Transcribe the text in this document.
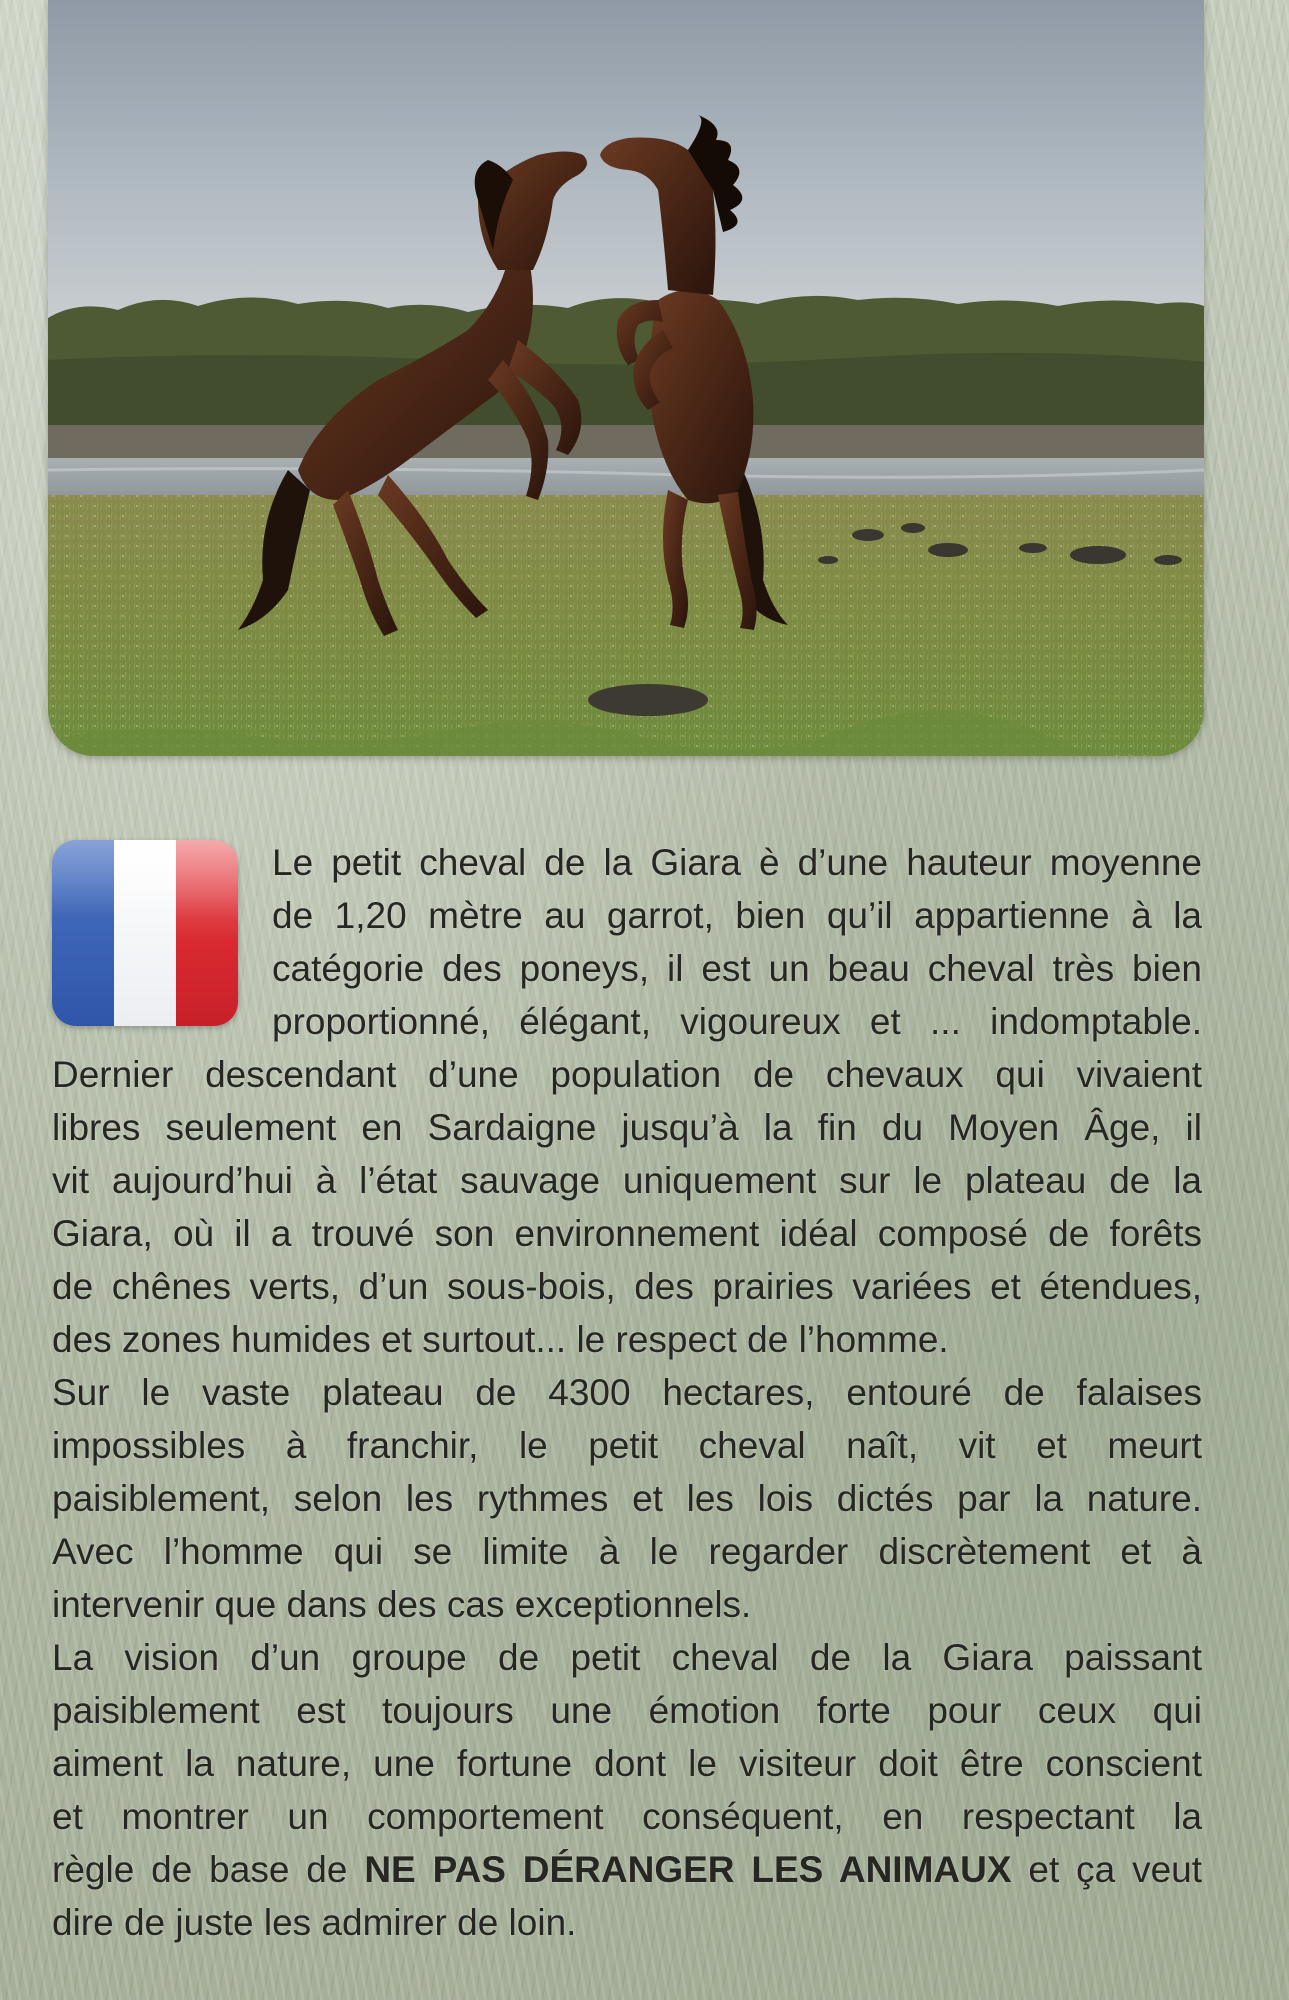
Le petit cheval de la Giara è d’une hauteur moyenne
de 1,20 mètre au garrot, bien qu’il appartienne à la
catégorie des poneys, il est un beau cheval très bien
proportionné, élégant, vigoureux et ... indomptable.
Dernier descendant d’une population de chevaux qui vivaient
libres seulement en Sardaigne jusqu’à la fin du Moyen Âge, il
vit aujourd’hui à l’état sauvage uniquement sur le plateau de la
Giara, où il a trouvé son environnement idéal composé de forêts
de chênes verts, d’un sous-bois, des prairies variées et étendues,
des zones humides et surtout... le respect de l’homme.
Sur le vaste plateau de 4300 hectares, entouré de falaises
impossibles à franchir, le petit cheval naît, vit et meurt
paisiblement, selon les rythmes et les lois dictés par la nature.
Avec l’homme qui se limite à le regarder discrètement et à
intervenir que dans des cas exceptionnels.
La vision d’un groupe de petit cheval de la Giara paissant
paisiblement est toujours une émotion forte pour ceux qui
aiment la nature, une fortune dont le visiteur doit être conscient
et montrer un comportement conséquent, en respectant la
règle de base de NE PAS DÉRANGER LES ANIMAUX et ça veut
dire de juste les admirer de loin.
